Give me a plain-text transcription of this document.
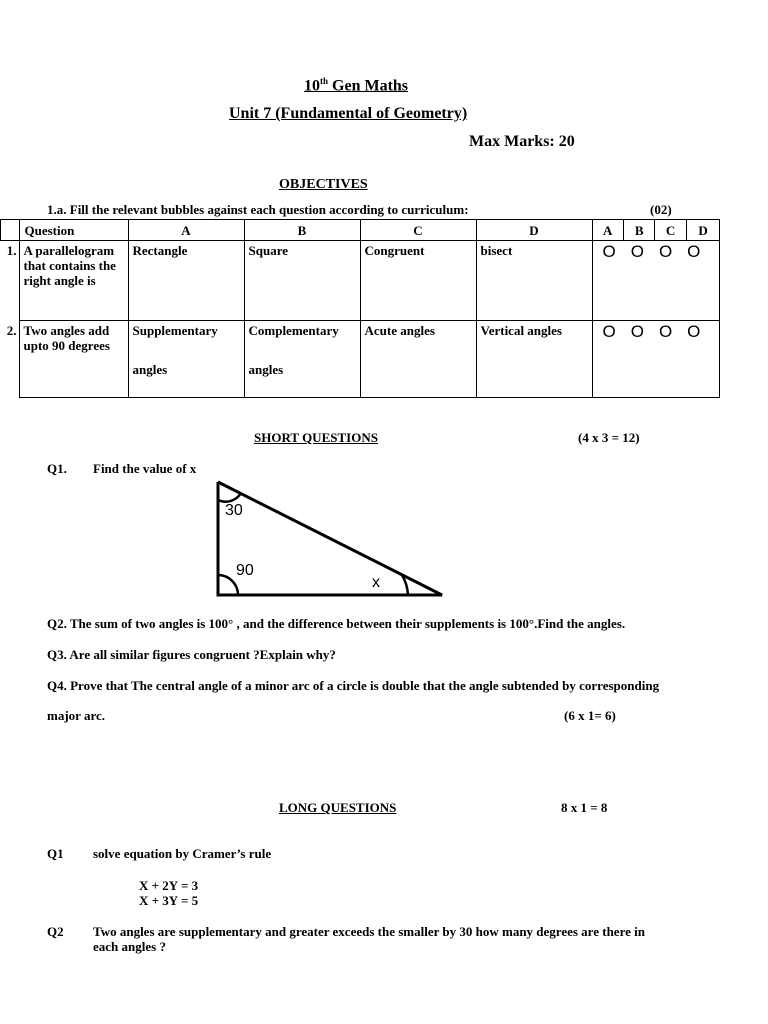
10th Gen Maths
Unit 7 (Fundamental of Geometry)
Max Marks: 20
OBJECTIVES
1.a. Fill the relevant bubbles against each question according to curriculum:	(02)
	Question	A	B	C	D	A	B	C	D
1.	A parallelogram that contains the right angle is	Rectangle	Square	Congruent	bisect	OOOO			
2.	Two angles add upto 90 degrees	Supplementary angles	Complementary angles	Acute angles	Vertical angles	OOOO			
SHORT QUESTIONS	(4 x 3 = 12)
Q1. Find the value of x
30
90
x
Q2. The sum of two angles is 100° , and the difference between their supplements is 100°.Find the angles.
Q3. Are all similar figures congruent ?Explain why?
Q4. Prove that The central angle of a minor arc of a circle is double that the angle subtended by corresponding
major arc.	(6 x 1= 6)
LONG QUESTIONS	8 x 1 = 8
Q1 solve equation by Cramer’s rule
X + 2Y = 3
X + 3Y = 5
Q2 Two angles are supplementary and greater exceeds the smaller by 30 how many degrees are there in
each angles ?
